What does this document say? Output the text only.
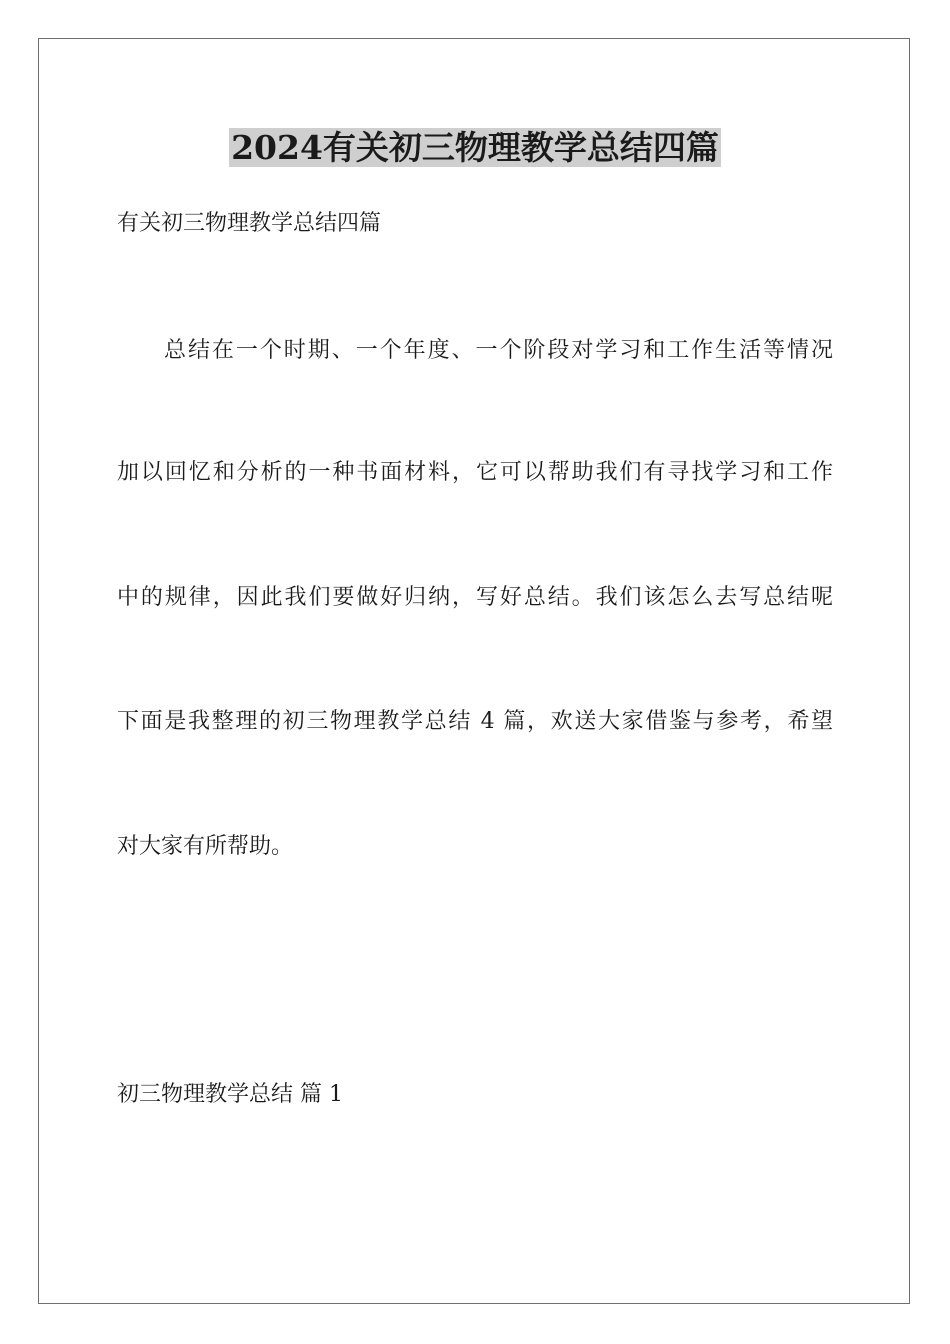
2024有关初三物理教学总结四篇
有关初三物理教学总结四篇
总结在一个时期、一个年度、一个阶段对学习和工作生活等情况
加以回忆和分析的一种书面材料，它可以帮助我们有寻找学习和工作
中的规律，因此我们要做好归纳，写好总结。我们该怎么去写总结呢
下面是我整理的初三物理教学总结 4 篇，欢送大家借鉴与参考，希望
对大家有所帮助。
初三物理教学总结 篇 1
